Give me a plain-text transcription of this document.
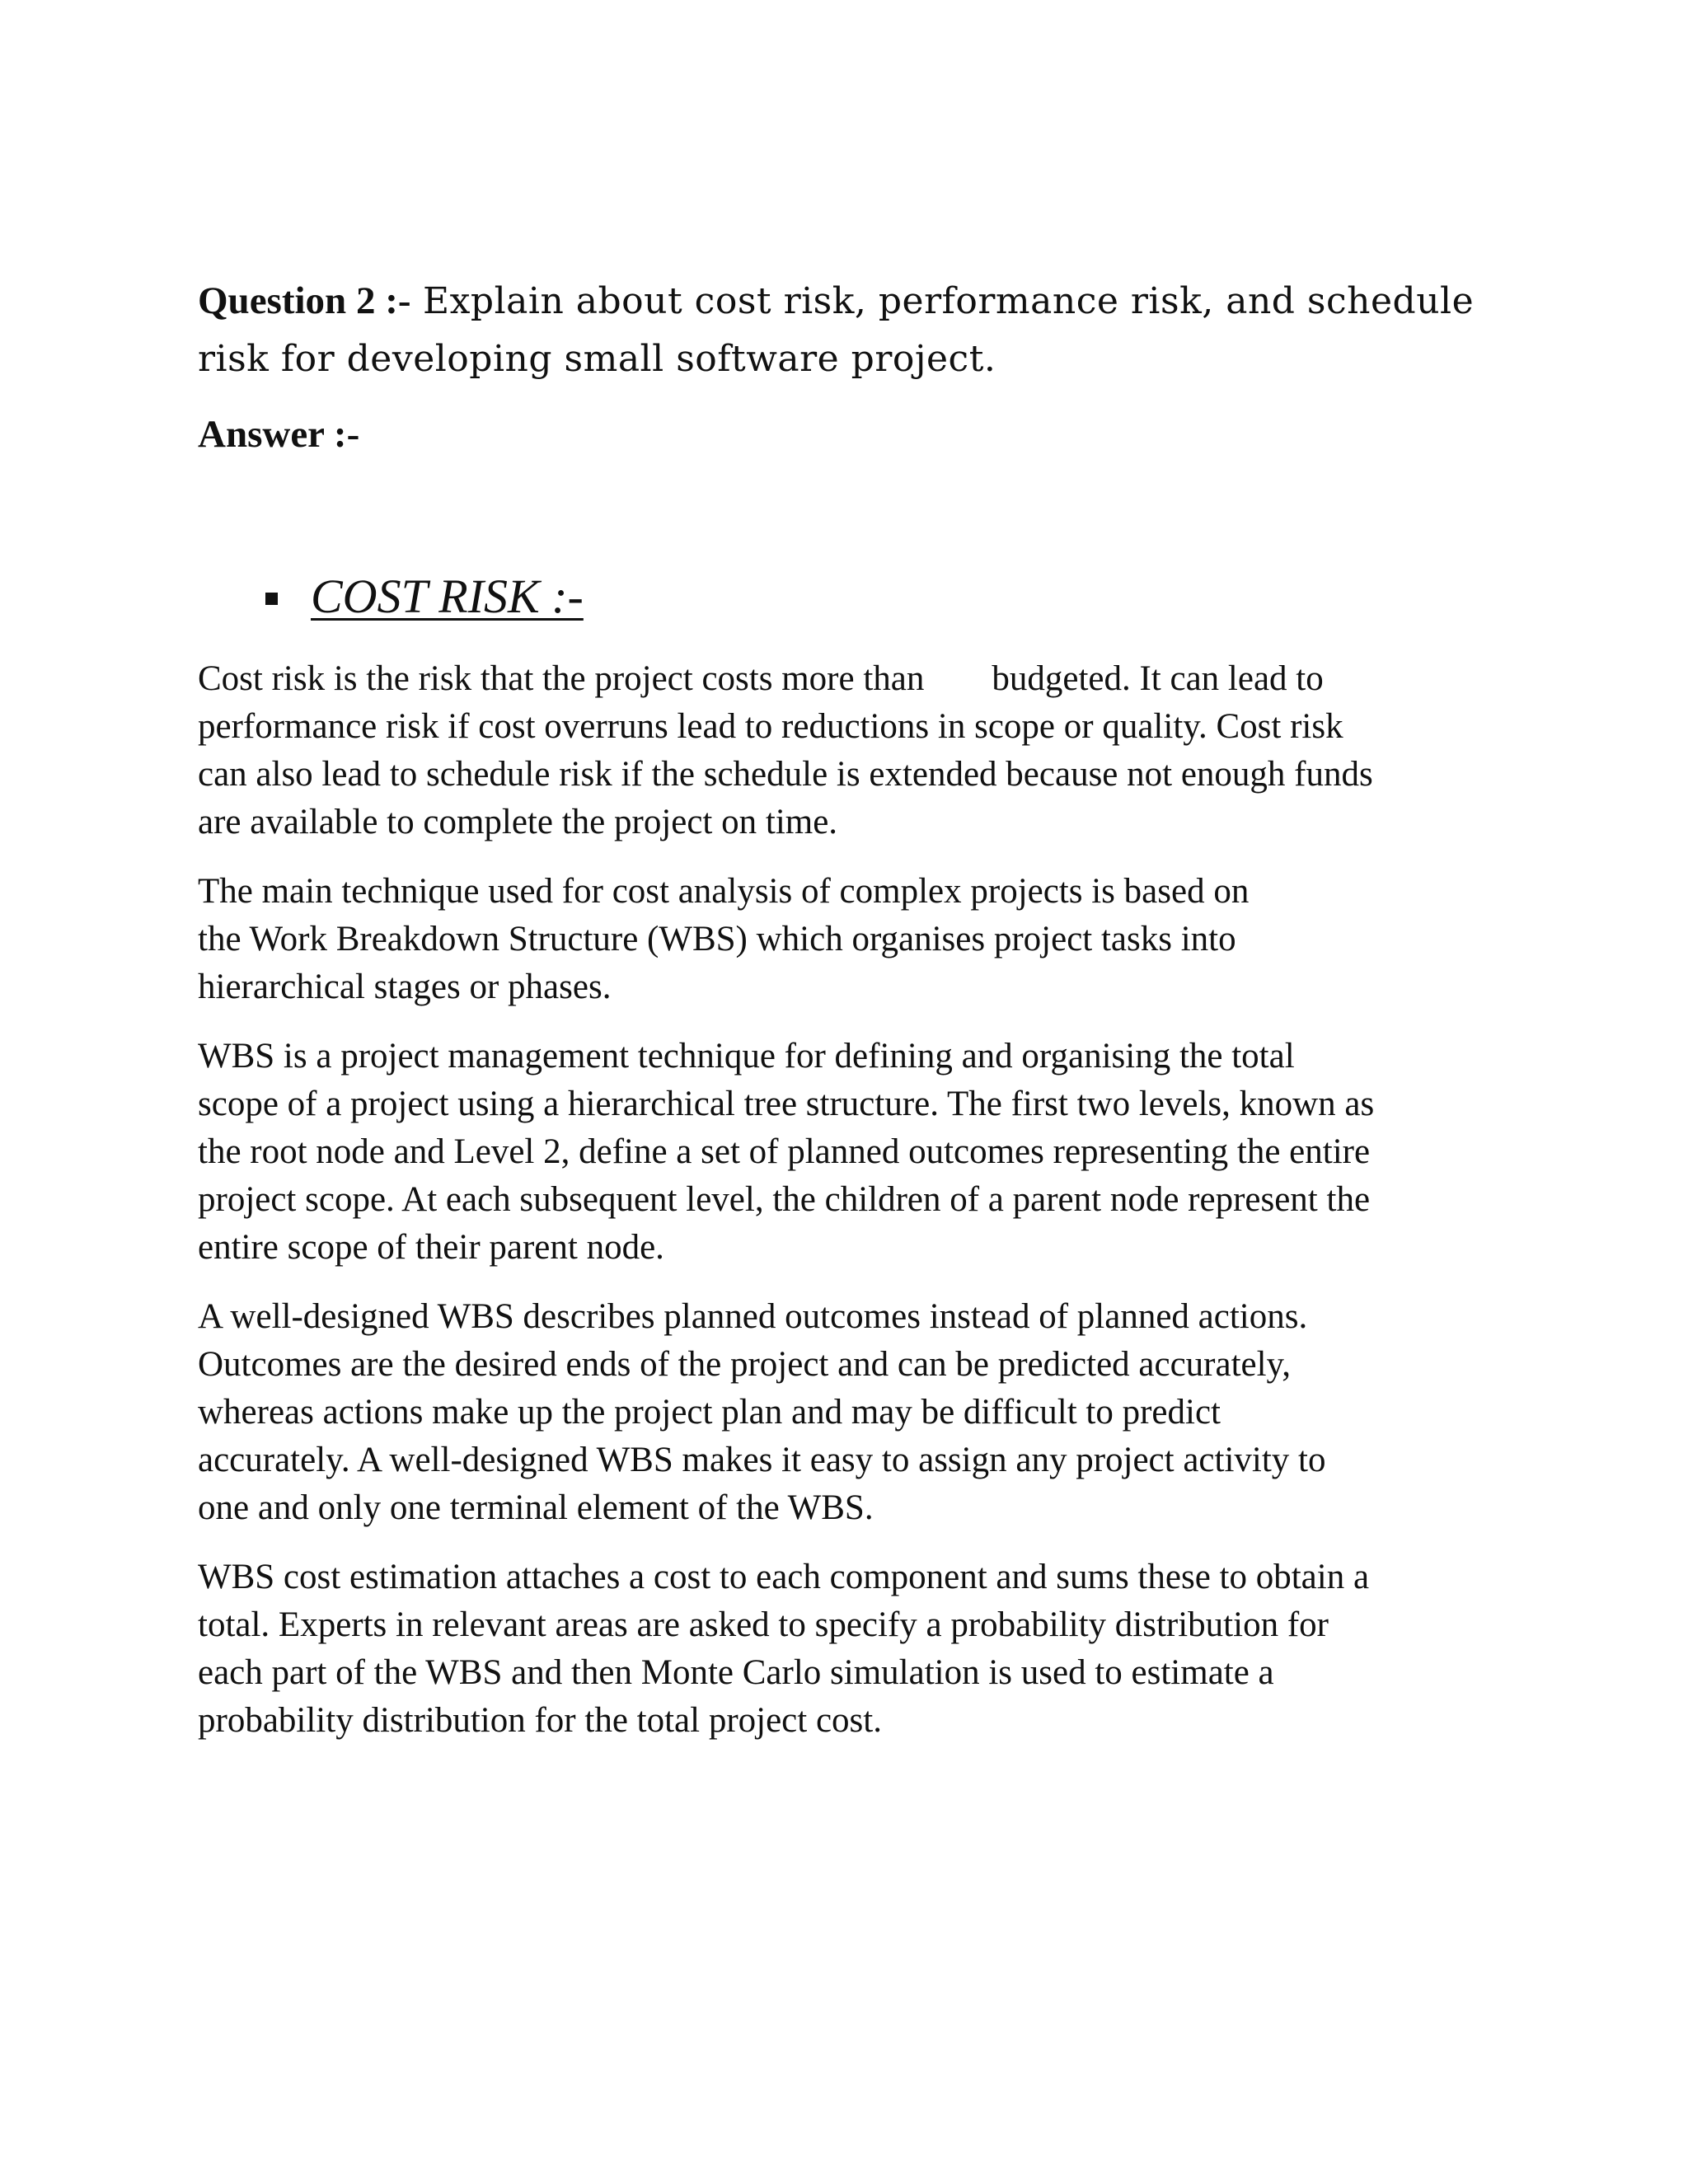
Question 2 :- Explain about cost risk, performance risk, and schedule risk for developing small software project.
Answer :-
COST RISK :-

Cost risk is the risk that the project costs more than budgeted. It can lead to
performance risk if cost overruns lead to reductions in scope or quality. Cost risk
can also lead to schedule risk if the schedule is extended because not enough funds
are available to complete the project on time.

The main technique used for cost analysis of complex projects is based on
the Work Breakdown Structure (WBS) which organises project tasks into
hierarchical stages or phases.

WBS is a project management technique for defining and organising the total
scope of a project using a hierarchical tree structure. The first two levels, known as
the root node and Level 2, define a set of planned outcomes representing the entire
project scope. At each subsequent level, the children of a parent node represent the
entire scope of their parent node.

A well-designed WBS describes planned outcomes instead of planned actions.
Outcomes are the desired ends of the project and can be predicted accurately,
whereas actions make up the project plan and may be difficult to predict
accurately. A well-designed WBS makes it easy to assign any project activity to
one and only one terminal element of the WBS.

WBS cost estimation attaches a cost to each component and sums these to obtain a
total. Experts in relevant areas are asked to specify a probability distribution for
each part of the WBS and then Monte Carlo simulation is used to estimate a
probability distribution for the total project cost.
